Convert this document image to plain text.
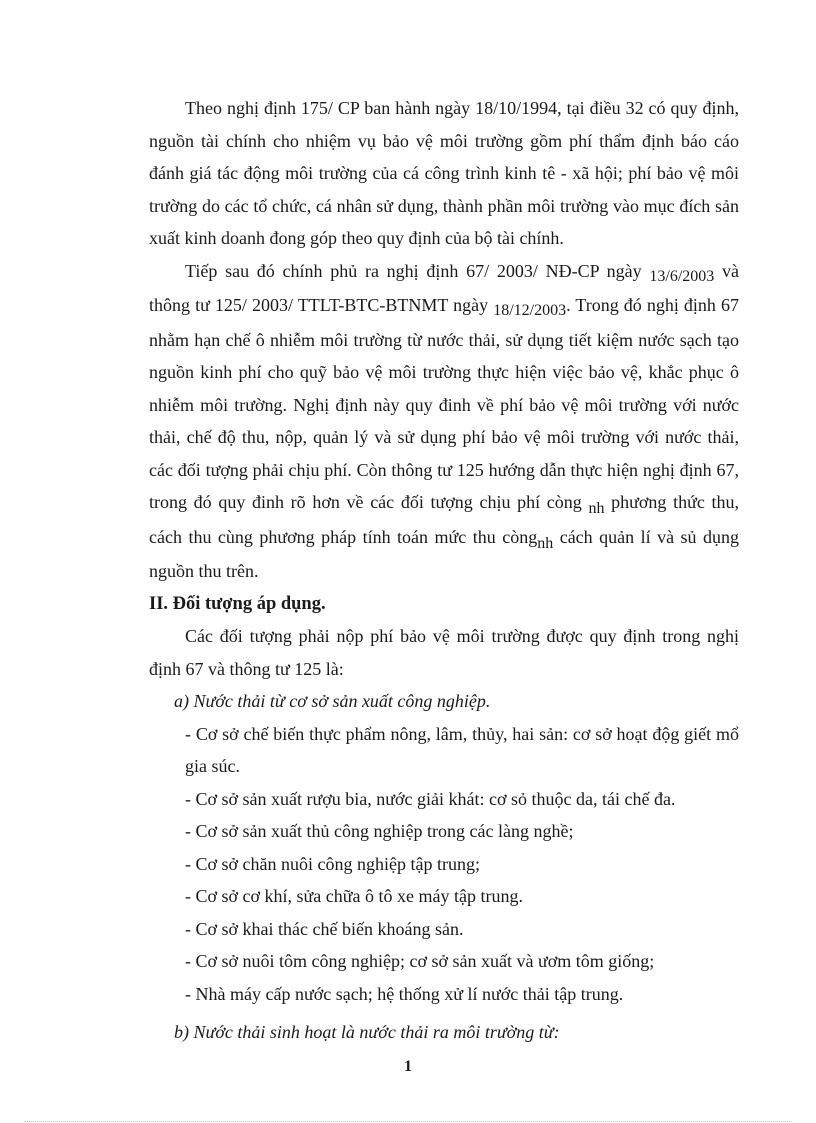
Theo nghị định 175/ CP ban hành ngày 18/10/1994, tại điều 32 có quy định, nguồn tài chính cho nhiệm vụ bảo vệ môi trường gồm phí thẩm định báo cáo đánh giá tác động môi trường của cá công trình kinh tê - xã hội; phí bảo vệ môi trường do các tổ chức, cá nhân sử dụng, thành phần môi trường vào mục đích sản xuất kinh doanh đong góp theo quy định của bộ tài chính.

Tiếp sau đó chính phủ ra nghị định 67/ 2003/ NĐ-CP ngày 13/6/2003 và thông tư 125/ 2003/ TTLT-BTC-BTNMT ngày 18/12/2003. Trong đó nghị định 67 nhằm hạn chế ô nhiễm môi trường từ nước thải, sử dụng tiết kiệm nước sạch tạo nguồn kinh phí cho quỹ bảo vệ môi trường thực hiện việc bảo vệ, khắc phục ô nhiễm môi trường. Nghị định này quy đinh về phí bảo vệ môi trường với nước thải, chế độ thu, nộp, quản lý và sử dụng phí bảo vệ môi trường với nước thải, các đối tượng phải chịu phí. Còn thông tư 125 hướng dẫn thực hiện nghị định 67, trong đó quy đinh rõ hơn về các đối tượng chịu phí còng nh phương thức thu, cách thu cùng phương pháp tính toán mức thu còngnh cách quản lí và sủ dụng nguồn thu trên.

II. Đối tượng áp dụng.

Các đối tượng phải nộp phí bảo vệ môi trường được quy định trong nghị định 67 và thông tư 125 là:

a) Nước thải từ cơ sở sản xuất công nghiệp.

- Cơ sở chế biến thực phẩm nông, lâm, thủy, hai sản: cơ sở hoạt độg giết mổ gia súc.

- Cơ sở sản xuất rượu bia, nước giải khát: cơ sỏ thuộc da, tái chế đa.

- Cơ sở sản xuất thủ công nghiệp trong các làng nghề;

- Cơ sở chăn nuôi công nghiệp tập trung;

- Cơ sở cơ khí, sửa chữa ô tô xe máy tập trung.

- Cơ sở khai thác chế biến khoáng sản.

- Cơ sở nuôi tôm công nghiệp; cơ sở sản xuất và ươm tôm giống;

- Nhà máy cấp nước sạch; hệ thống xử lí nước thải tập trung.

b) Nước thải sinh hoạt là nước thải ra môi trường từ:

1
